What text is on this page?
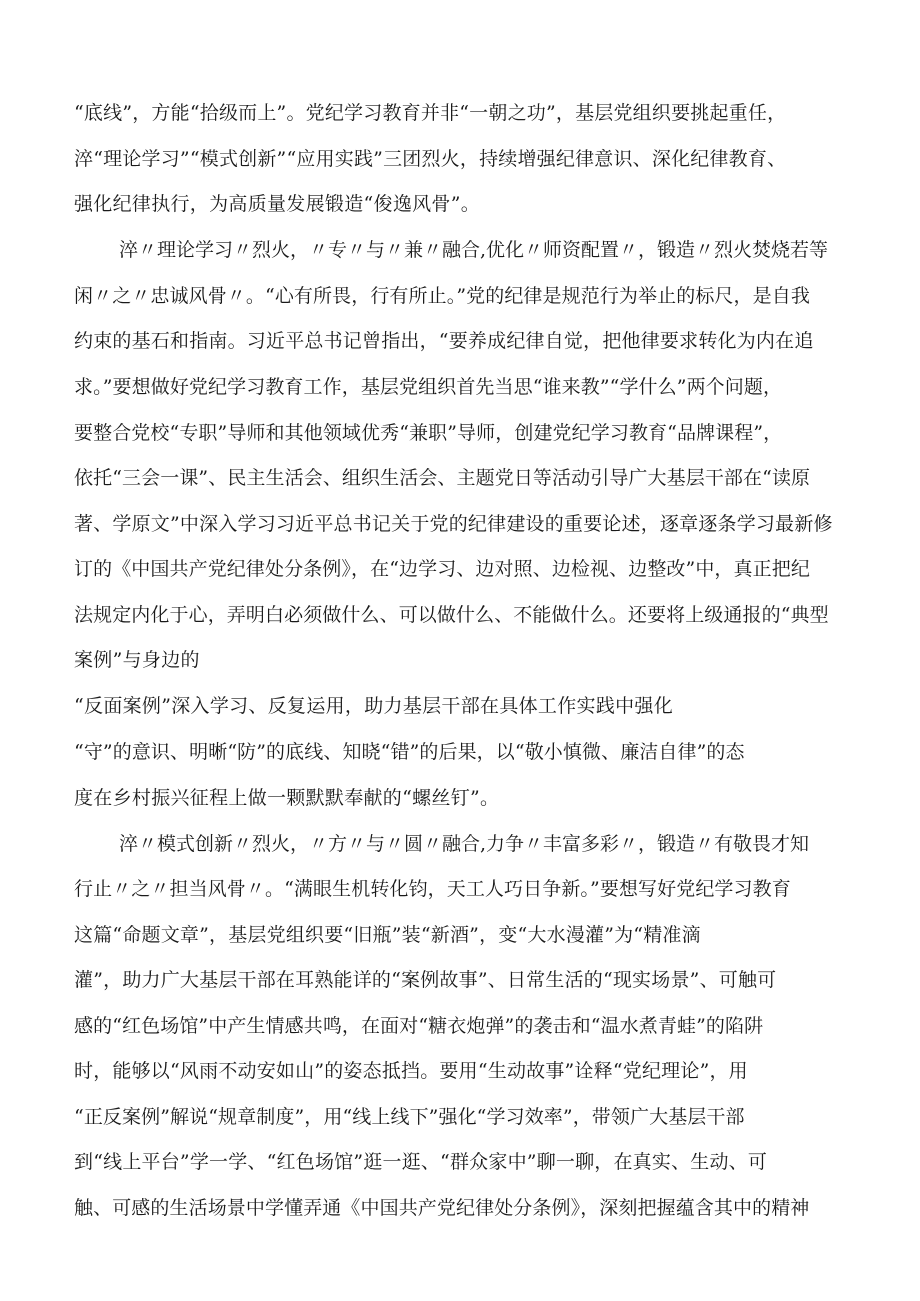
“底线”，方能“拾级而上”。党纪学习教育并非“一朝之功”，基层党组织要挑起重任，
淬“理论学习”“模式创新”“应用实践”三团烈火，持续增强纪律意识、深化纪律教育、
强化纪律执行，为高质量发展锻造“俊逸风骨”。
淬〃理论学习〃烈火，〃专〃与〃兼〃融合,优化〃师资配置〃，锻造〃烈火焚烧若等
闲〃之〃忠诚风骨〃。“心有所畏，行有所止。”党的纪律是规范行为举止的标尺，是自我
约束的基石和指南。习近平总书记曾指出，“要养成纪律自觉，把他律要求转化为内在追
求。”要想做好党纪学习教育工作，基层党组织首先当思“谁来教”“学什么”两个问题，
要整合党校“专职”导师和其他领域优秀“兼职”导师，创建党纪学习教育“品牌课程”，
依托“三会一课”、民主生活会、组织生活会、主题党日等活动引导广大基层干部在“读原
著、学原文”中深入学习习近平总书记关于党的纪律建设的重要论述，逐章逐条学习最新修
订的《中国共产党纪律处分条例》，在“边学习、边对照、边检视、边整改”中，真正把纪
法规定内化于心，弄明白必须做什么、可以做什么、不能做什么。还要将上级通报的“典型
案例”与身边的
“反面案例”深入学习、反复运用，助力基层干部在具体工作实践中强化
“守”的意识、明晰“防”的底线、知晓“错”的后果，以“敬小慎微、廉洁自律”的态
度在乡村振兴征程上做一颗默默奉献的“螺丝钉”。
淬〃模式创新〃烈火，〃方〃与〃圆〃融合,力争〃丰富多彩〃，锻造〃有敬畏才知
行止〃之〃担当风骨〃。“满眼生机转化钧，天工人巧日争新。”要想写好党纪学习教育
这篇“命题文章”，基层党组织要“旧瓶”装“新酒”，变“大水漫灌”为“精准滴
灌”，助力广大基层干部在耳熟能详的“案例故事”、日常生活的“现实场景”、可触可
感的“红色场馆”中产生情感共鸣，在面对“糖衣炮弹”的袭击和“温水煮青蛙”的陷阱
时，能够以“风雨不动安如山”的姿态抵挡。要用“生动故事”诠释“党纪理论”，用
“正反案例”解说“规章制度”，用“线上线下”强化“学习效率”，带领广大基层干部
到“线上平台”学一学、“红色场馆”逛一逛、“群众家中”聊一聊，在真实、生动、可
触、可感的生活场景中学懂弄通《中国共产党纪律处分条例》，深刻把握蕴含其中的精神
